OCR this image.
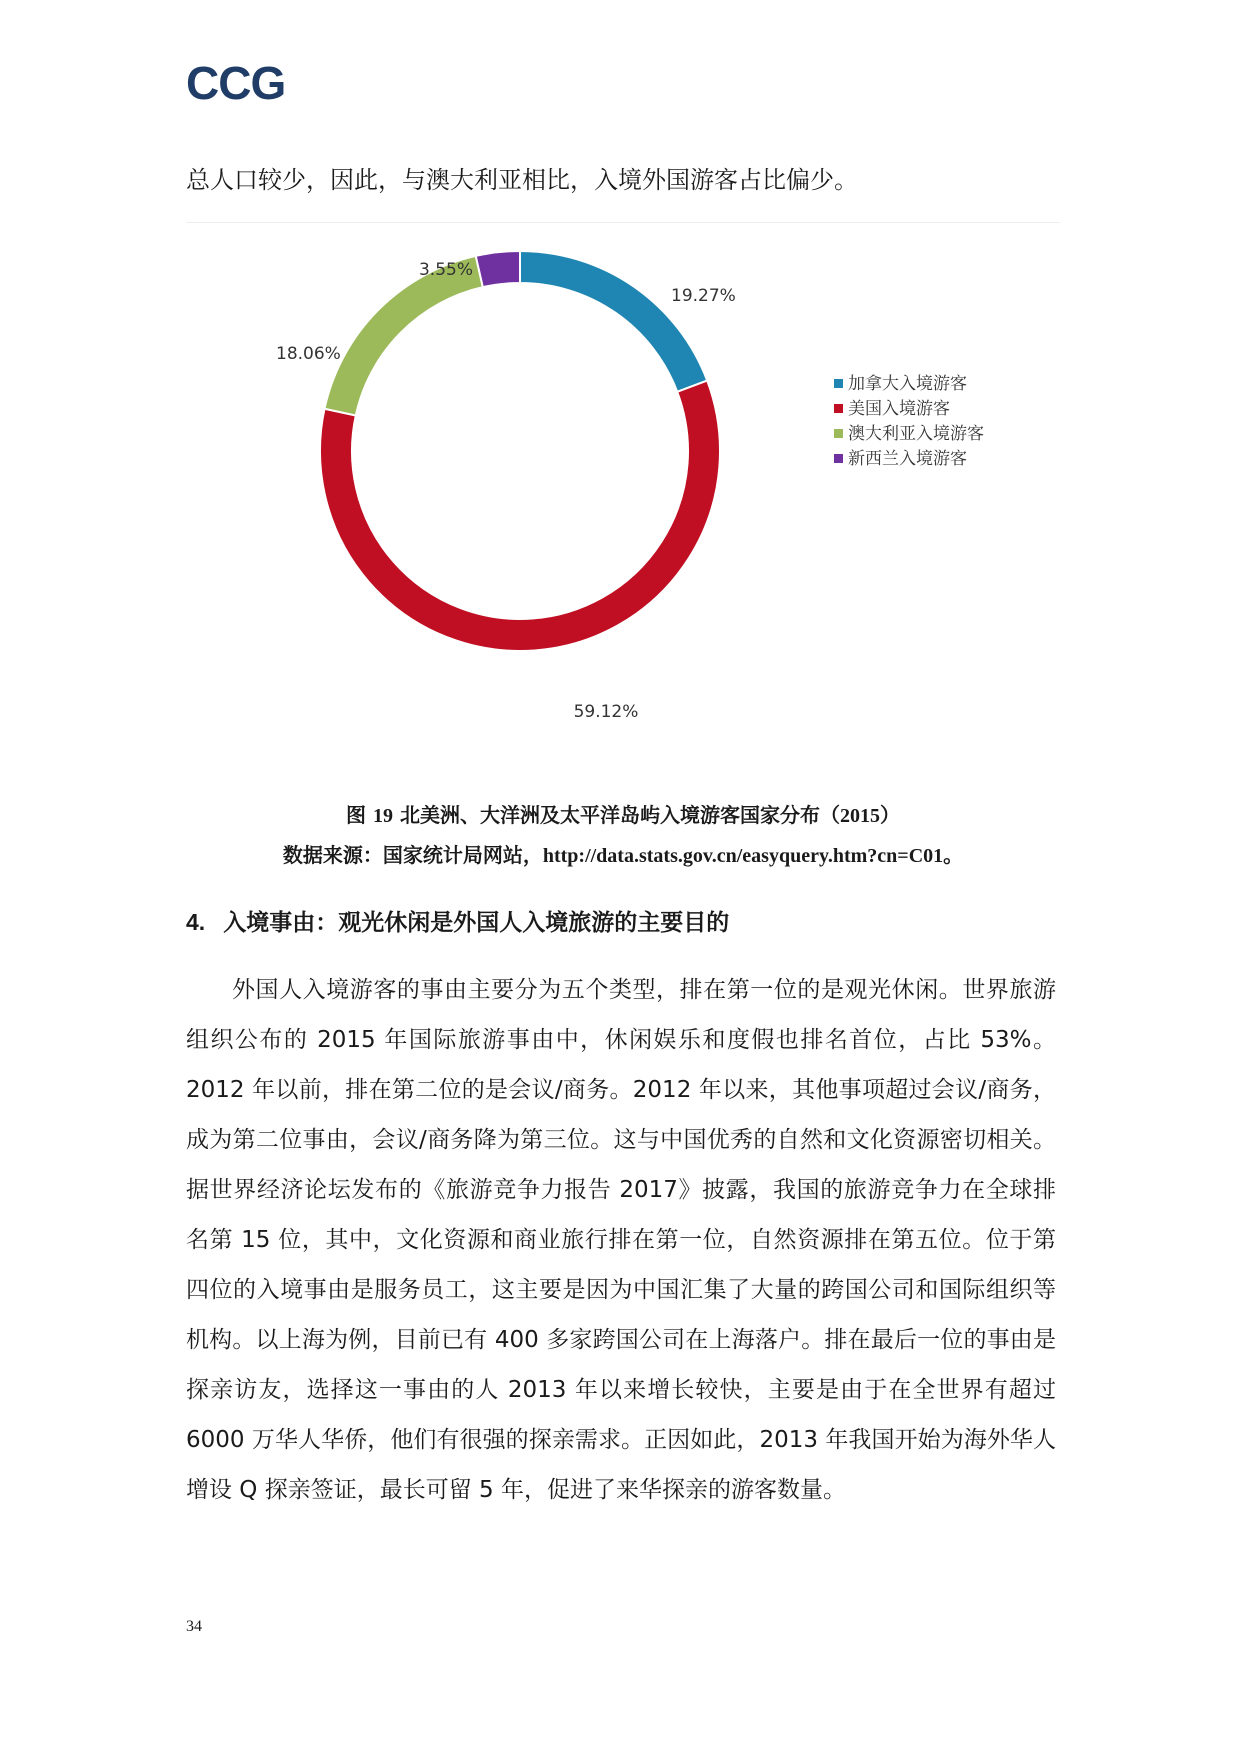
CCG
总人口较少，因此，与澳大利亚相比，入境外国游客占比偏少。
19.27%
59.12%
18.06%
3.55%
加拿大入境游客
美国入境游客
澳大利亚入境游客
新西兰入境游客
图 19 北美洲、大洋洲及太平洋岛屿入境游客国家分布（2015）
数据来源：国家统计局网站，http://data.stats.gov.cn/easyquery.htm?cn=C01。
4. 入境事由：观光休闲是外国人入境旅游的主要目的
外国人入境游客的事由主要分为五个类型，排在第一位的是观光休闲。世界旅游组织公布的 2015 年国际旅游事由中，休闲娱乐和度假也排名首位，占比 53%。2012 年以前，排在第二位的是会议/商务。2012 年以来，其他事项超过会议/商务，成为第二位事由，会议/商务降为第三位。这与中国优秀的自然和文化资源密切相关。据世界经济论坛发布的《旅游竞争力报告 2017》披露，我国的旅游竞争力在全球排名第 15 位，其中，文化资源和商业旅行排在第一位，自然资源排在第五位。位于第四位的入境事由是服务员工，这主要是因为中国汇集了大量的跨国公司和国际组织等机构。以上海为例，目前已有 400 多家跨国公司在上海落户。排在最后一位的事由是探亲访友，选择这一事由的人 2013 年以来增长较快，主要是由于在全世界有超过 6000 万华人华侨，他们有很强的探亲需求。正因如此，2013 年我国开始为海外华人增设 Q 探亲签证，最长可留 5 年，促进了来华探亲的游客数量。
34
